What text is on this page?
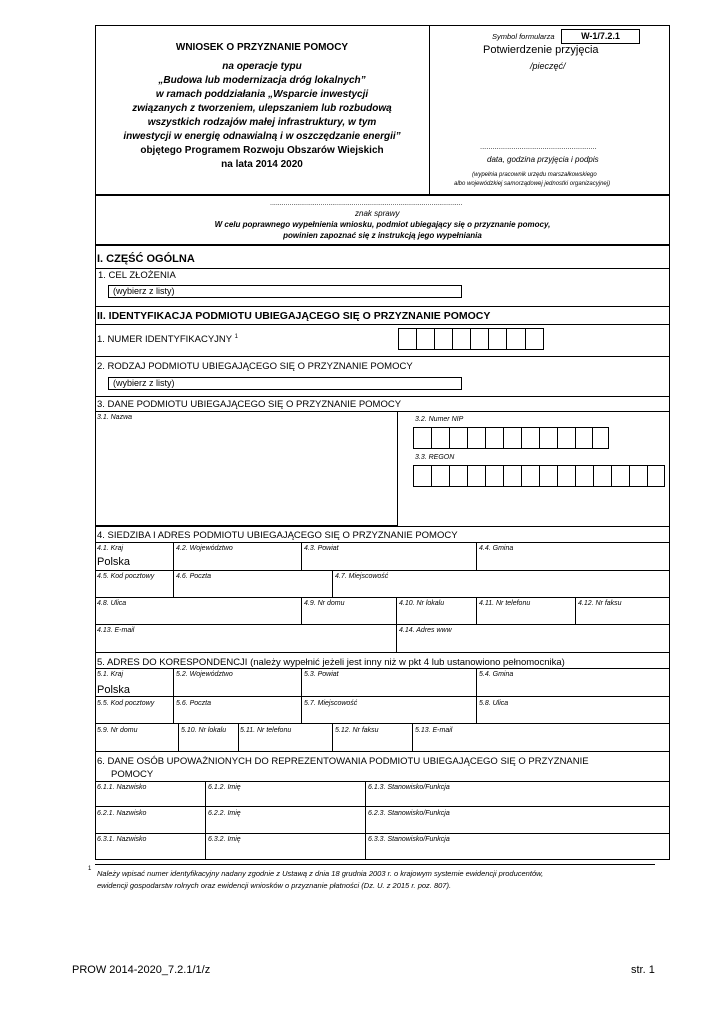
WNIOSEK O PRZYZNANIE POMOCY
na operacje typu
„Budowa lub modernizacja dróg lokalnych”
w ramach poddziałania „Wsparcie inwestycji
związanych z tworzeniem, ulepszaniem lub rozbudową
wszystkich rodzajów małej infrastruktury, w tym
inwestycji w energię odnawialną i w oszczędzanie energii”
objętego Programem Rozwoju Obszarów Wiejskich
na lata 2014 2020
Symbol formularza	W-1/7.2.1
Potwierdzenie przyjęcia
/pieczęć/
........................................................
data, godzina przyjęcia i podpis
(wypełnia pracownik urzędu marszałkowskiego
albo wojewódzkiej samorządowej jednostki organizacyjnej)
...................................................................................................
znak sprawy
W celu poprawnego wypełnienia wniosku, podmiot ubiegający się o przyznanie pomocy,
powinien zapoznać się z instrukcją jego wypełniania
I. CZĘŚĆ OGÓLNA
1. CEL ZŁOŻENIA
(wybierz z listy)
II. IDENTYFIKACJA PODMIOTU UBIEGAJĄCEGO SIĘ O PRZYZNANIE POMOCY
1. NUMER IDENTYFIKACYJNY $^1$
2. RODZAJ PODMIOTU UBIEGAJĄCEGO SIĘ O PRZYZNANIE POMOCY
(wybierz z listy)
3. DANE PODMIOTU UBIEGAJĄCEGO SIĘ O PRZYZNANIE POMOCY
3.1. Nazwa	3.2. Numer NIP
3.3. REGON
4. SIEDZIBA I ADRES PODMIOTU UBIEGAJĄCEGO SIĘ O PRZYZNANIE POMOCY
4.1. Kraj
Polska
4.2. Województwo	4.3. Powiat	4.4. Gmina
4.5. Kod pocztowy	4.6. Poczta	4.7. Miejscowość
4.8. Ulica	4.9. Nr domu	4.10. Nr lokalu	4.11. Nr telefonu	4.12. Nr faksu
4.13. E-mail	4.14. Adres www
5. ADRES DO KORESPONDENCJI (należy wypełnić jeżeli jest inny niż w pkt 4 lub ustanowiono pełnomocnika)
5.1. Kraj
Polska
5.2. Województwo	5.3. Powiat	5.4. Gmina
5.5. Kod pocztowy	5.6. Poczta	5.7. Miejscowość	5.8. Ulica
5.9. Nr domu	5.10. Nr lokalu 5.11. Nr telefonu	5.12. Nr faksu	5.13. E-mail
6. DANE OSÓB UPOWAŻNIONYCH DO REPREZENTOWANIA PODMIOTU UBIEGAJĄCEGO SIĘ O PRZYZNANIE
POMOCY
6.1.1. Nazwisko	6.1.2. Imię	6.1.3. Stanowisko/Funkcja
6.2.1. Nazwisko	6.2.2. Imię	6.2.3. Stanowisko/Funkcja
6.3.1. Nazwisko	6.3.2. Imię	6.3.3. Stanowisko/Funkcja
1 Należy wpisać numer identyfikacyjny nadany zgodnie z Ustawą z dnia 18 grudnia 2003 r. o krajowym systemie ewidencji producentów,
ewidencji gospodarstw rolnych oraz ewidencji wniosków o przyznanie płatności (Dz. U. z 2015 r. poz. 807).
PROW 2014-2020_7.2.1/1/z	str. 1
